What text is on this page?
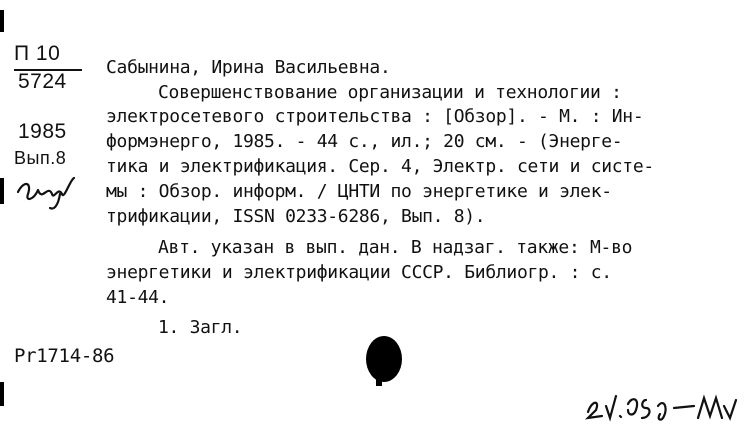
П 10
5724
1985
Вып.8
Сабынина, Ирина Васильевна.
Совершенствование организации и технологии :
электросетевого строительства : [Обзор]. - М. : Ин-
формэнерго, 1985. - 44 с., ил.; 20 см. - (Энерге-
тика и электрификация. Сер. 4, Электр. сети и систе-
мы : Обзор. информ. / ЦНТИ по энергетике и элек-
трификации, ISSN 0233-6286, Вып. 8).
Авт. указан в вып. дан. В надзаг. также: М-во
энергетики и электрификации СССР. Библиогр. : с.
41-44.
1. Загл.
Pr1714-86
